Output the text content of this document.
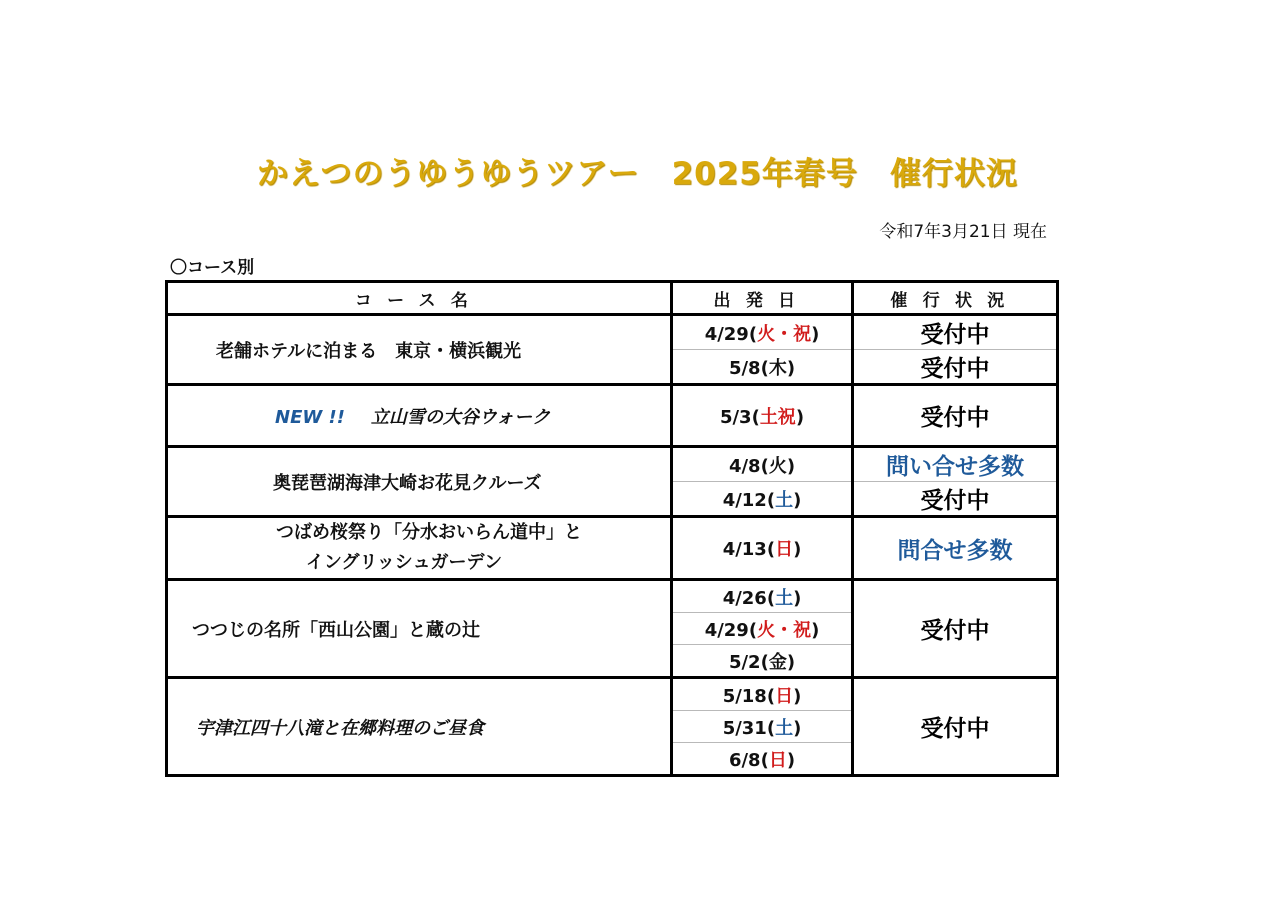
かえつのうゆうゆうツアー　2025年春号　催行状況
令和7年3月21日 現在
〇コース別
コース名	出発日	催行状況
老舗ホテルに泊まる　東京・横浜観光	4/29(火・祝)	受付中
	5/8(木)	受付中
NEW !! 立山雪の大谷ウォーク	5/3(土祝)	受付中
奥琵琶湖海津大崎お花見クルーズ	4/8(火)	問い合せ多数
	4/12(土)	受付中

つばめ桜祭り「分水おいらん道中」と
イングリッシュガーデン	4/13(日)	問合せ多数
つつじの名所「西山公園」と蔵の辻	4/26(土)	受付中
	4/29(火・祝)	
	5/2(金)	
宇津江四十八滝と在郷料理のご昼食	5/18(日)	受付中
	5/31(土)	
	6/8(日)	
